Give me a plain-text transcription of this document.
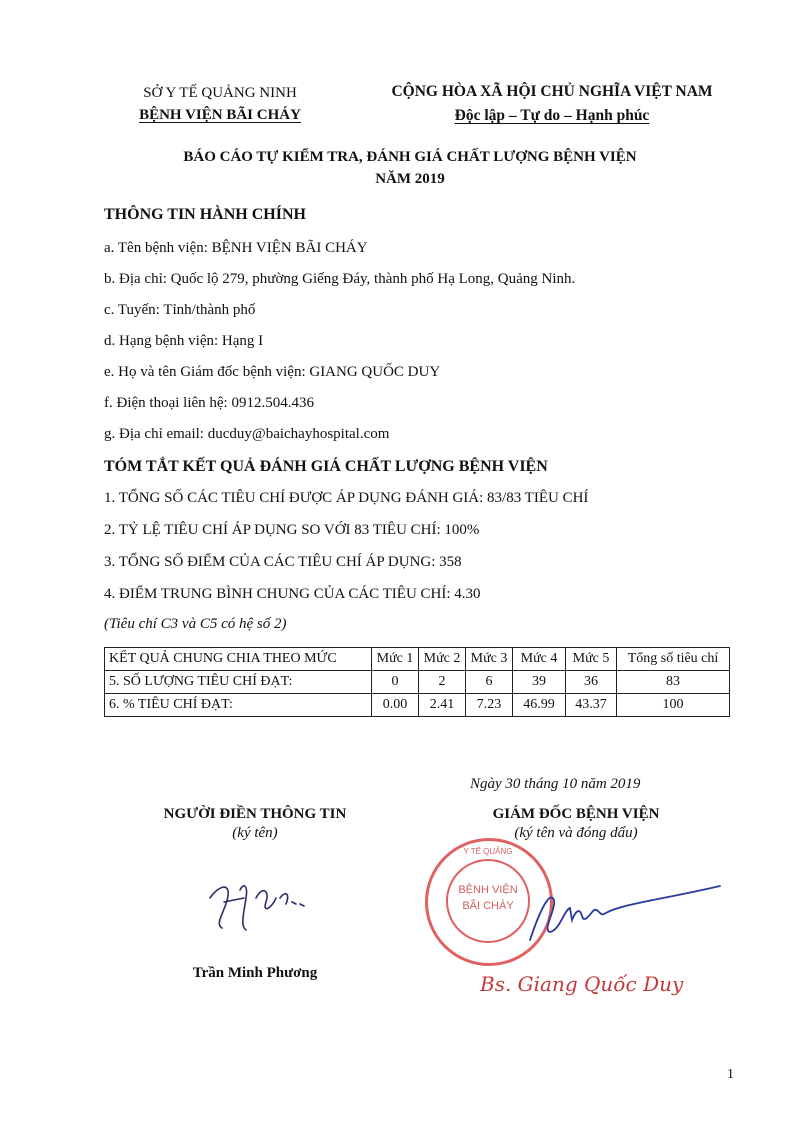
SỞ Y TẾ QUẢNG NINH
BỆNH VIỆN BÃI CHÁY
CỘNG HÒA XÃ HỘI CHỦ NGHĨA VIỆT NAM
Độc lập – Tự do – Hạnh phúc
BÁO CÁO TỰ KIỂM TRA, ĐÁNH GIÁ CHẤT LƯỢNG BỆNH VIỆN
NĂM 2019
THÔNG TIN HÀNH CHÍNH
a. Tên bệnh viện: BỆNH VIỆN BÃI CHÁY
b. Địa chỉ: Quốc lộ 279, phường Giếng Đáy, thành phố Hạ Long, Quảng Ninh.
c. Tuyến: Tỉnh/thành phố
d. Hạng bệnh viện: Hạng I
e. Họ và tên Giám đốc bệnh viện: GIANG QUỐC DUY
f. Điện thoại liên hệ: 0912.504.436
g. Địa chỉ email: ducduy@baichayhospital.com
TÓM TẮT KẾT QUẢ ĐÁNH GIÁ CHẤT LƯỢNG BỆNH VIỆN
1. TỔNG SỐ CÁC TIÊU CHÍ ĐƯỢC ÁP DỤNG ĐÁNH GIÁ: 83/83 TIÊU CHÍ
2. TỶ LỆ TIÊU CHÍ ÁP DỤNG SO VỚI 83 TIÊU CHÍ: 100%
3. TỔNG SỐ ĐIỂM CỦA CÁC TIÊU CHÍ ÁP DỤNG: 358
4. ĐIỂM TRUNG BÌNH CHUNG CỦA CÁC TIÊU CHÍ: 4.30
(Tiêu chí C3 và C5 có hệ số 2)
KẾT QUẢ CHUNG CHIA THEO MỨC	Mức 1	Mức 2	Mức 3	Mức 4	Mức 5	Tổng số tiêu chí
5. SỐ LƯỢNG TIÊU CHÍ ĐẠT:	0	2	6	39	36	83
6. % TIÊU CHÍ ĐẠT:	0.00	2.41	7.23	46.99	43.37	100
Ngày 30 tháng 10 năm 2019
NGƯỜI ĐIỀN THÔNG TIN
(ký tên)
Trần Minh Phương
GIÁM ĐỐC BỆNH VIỆN
(ký tên và đóng dấu)
Y TẾ QUẢNG
BỆNH VIỆN
BÃI CHÁY
Bs. Giang Quốc Duy
1
